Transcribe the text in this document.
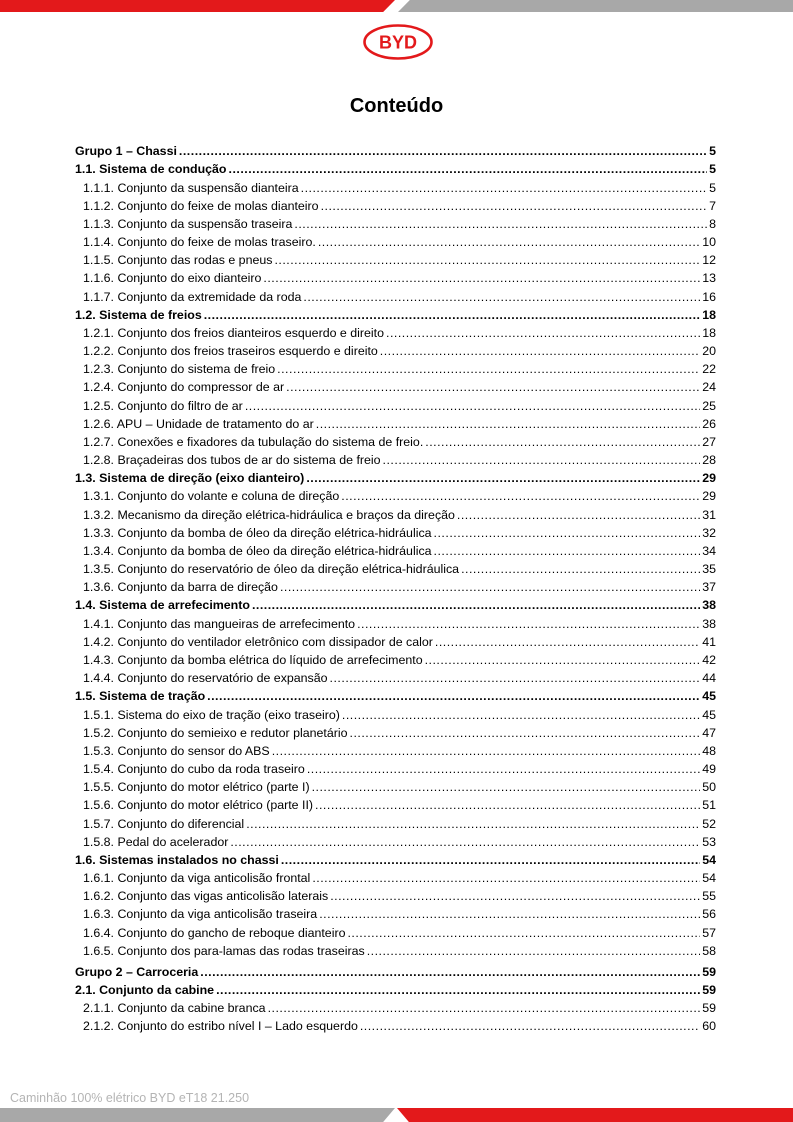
BYD
Conteúdo
Grupo 1 – Chassi .....	5
1.1. Sistema de condução .....	5
1.1.1. Conjunto da suspensão dianteira .....	5
1.1.2. Conjunto do feixe de molas dianteiro .....	7
1.1.3. Conjunto da suspensão traseira .....	8
1.1.4. Conjunto do feixe de molas traseiro. .....	10
1.1.5. Conjunto das rodas e pneus .....	12
1.1.6. Conjunto do eixo dianteiro .....	13
1.1.7. Conjunto da extremidade da roda .....	16
1.2. Sistema de freios .....	18
1.2.1. Conjunto dos freios dianteiros esquerdo e direito .....	18
1.2.2. Conjunto dos freios traseiros esquerdo e direito .....	20
1.2.3. Conjunto do sistema de freio .....	22
1.2.4. Conjunto do compressor de ar .....	24
1.2.5. Conjunto do filtro de ar .....	25
1.2.6. APU – Unidade de tratamento do ar .....	26
1.2.7. Conexões e fixadores da tubulação do sistema de freio. .....	27
1.2.8. Braçadeiras dos tubos de ar do sistema de freio .....	28
1.3. Sistema de direção (eixo dianteiro) .....	29
1.3.1. Conjunto do volante e coluna de direção .....	29
1.3.2. Mecanismo da direção elétrica-hidráulica e braços da direção .....	31
1.3.3. Conjunto da bomba de óleo da direção elétrica-hidráulica .....	32
1.3.4. Conjunto da bomba de óleo da direção elétrica-hidráulica .....	34
1.3.5. Conjunto do reservatório de óleo da direção elétrica-hidráulica .....	35
1.3.6. Conjunto da barra de direção .....	37
1.4. Sistema de arrefecimento .....	38
1.4.1. Conjunto das mangueiras de arrefecimento .....	38
1.4.2. Conjunto do ventilador eletrônico com dissipador de calor .....	41
1.4.3. Conjunto da bomba elétrica do líquido de arrefecimento .....	42
1.4.4. Conjunto do reservatório de expansão .....	44
1.5. Sistema de tração .....	45
1.5.1. Sistema do eixo de tração (eixo traseiro) .....	45
1.5.2. Conjunto do semieixo e redutor planetário .....	47
1.5.3. Conjunto do sensor do ABS .....	48
1.5.4. Conjunto do cubo da roda traseiro .....	49
1.5.5. Conjunto do motor elétrico (parte I) .....	50
1.5.6. Conjunto do motor elétrico (parte II) .....	51
1.5.7. Conjunto do diferencial .....	52
1.5.8. Pedal do acelerador .....	53
1.6. Sistemas instalados no chassi .....	54
1.6.1. Conjunto da viga anticolisão frontal .....	54
1.6.2. Conjunto das vigas anticolisão laterais .....	55
1.6.3. Conjunto da viga anticolisão traseira .....	56
1.6.4. Conjunto do gancho de reboque dianteiro .....	57
1.6.5. Conjunto dos para-lamas das rodas traseiras .....	58
Grupo 2 – Carroceria .....	59
2.1. Conjunto da cabine .....	59
2.1.1. Conjunto da cabine branca .....	59
2.1.2. Conjunto do estribo nível I – Lado esquerdo .....	60
Caminhão 100% elétrico BYD eT18 21.250
